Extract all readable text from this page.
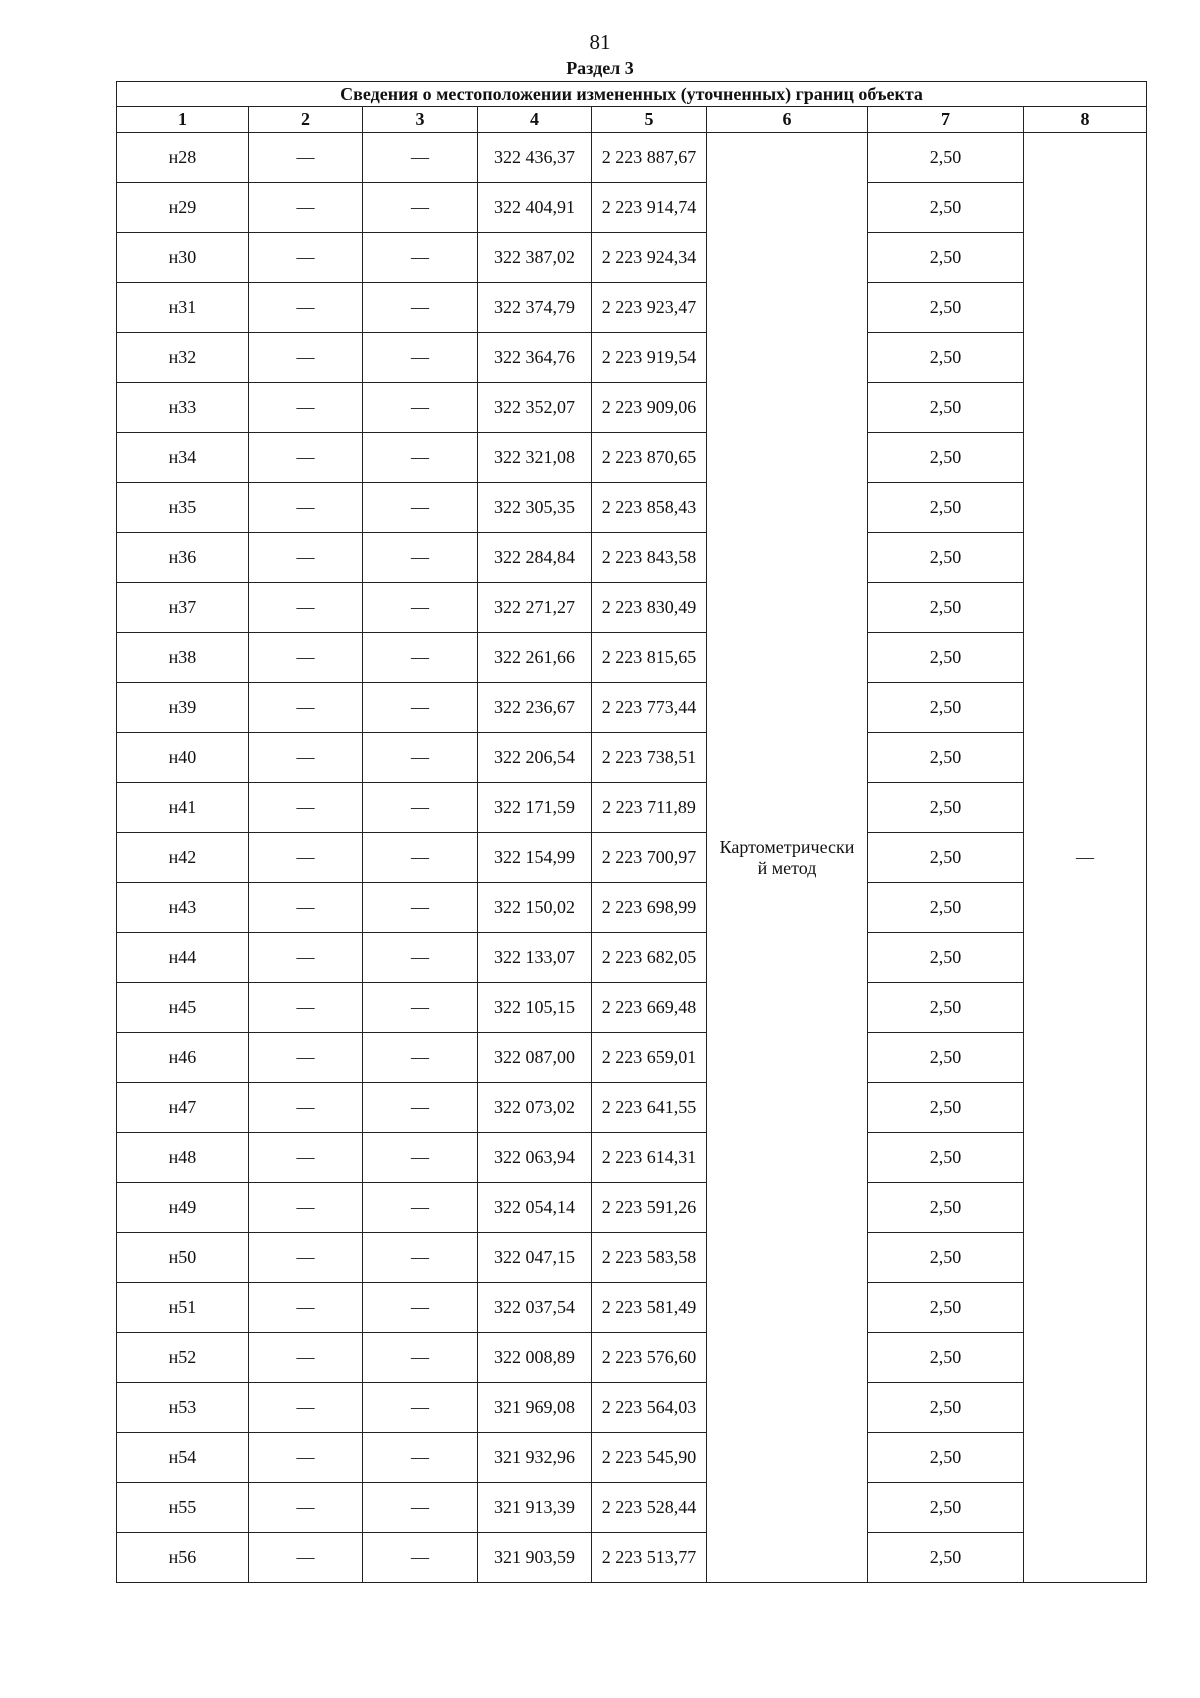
81
Раздел 3
Сведения о местоположении измененных (уточненных) границ объекта							
1	2	3	4	5	6	7	8
н28	—	—	322 436,37	2 223 887,67	Картометрически
й метод	2,50	—
н29	—	—	322 404,91	2 223 914,74		2,50	
н30	—	—	322 387,02	2 223 924,34		2,50	
н31	—	—	322 374,79	2 223 923,47		2,50	
н32	—	—	322 364,76	2 223 919,54		2,50	
н33	—	—	322 352,07	2 223 909,06		2,50	
н34	—	—	322 321,08	2 223 870,65		2,50	
н35	—	—	322 305,35	2 223 858,43		2,50	
н36	—	—	322 284,84	2 223 843,58		2,50	
н37	—	—	322 271,27	2 223 830,49		2,50	
н38	—	—	322 261,66	2 223 815,65		2,50	
н39	—	—	322 236,67	2 223 773,44		2,50	
н40	—	—	322 206,54	2 223 738,51		2,50	
н41	—	—	322 171,59	2 223 711,89		2,50	
н42	—	—	322 154,99	2 223 700,97		2,50	
н43	—	—	322 150,02	2 223 698,99		2,50	
н44	—	—	322 133,07	2 223 682,05		2,50	
н45	—	—	322 105,15	2 223 669,48		2,50	
н46	—	—	322 087,00	2 223 659,01		2,50	
н47	—	—	322 073,02	2 223 641,55		2,50	
н48	—	—	322 063,94	2 223 614,31		2,50	
н49	—	—	322 054,14	2 223 591,26		2,50	
н50	—	—	322 047,15	2 223 583,58		2,50	
н51	—	—	322 037,54	2 223 581,49		2,50	
н52	—	—	322 008,89	2 223 576,60		2,50	
н53	—	—	321 969,08	2 223 564,03		2,50	
н54	—	—	321 932,96	2 223 545,90		2,50	
н55	—	—	321 913,39	2 223 528,44		2,50	
н56	—	—	321 903,59	2 223 513,77		2,50	
